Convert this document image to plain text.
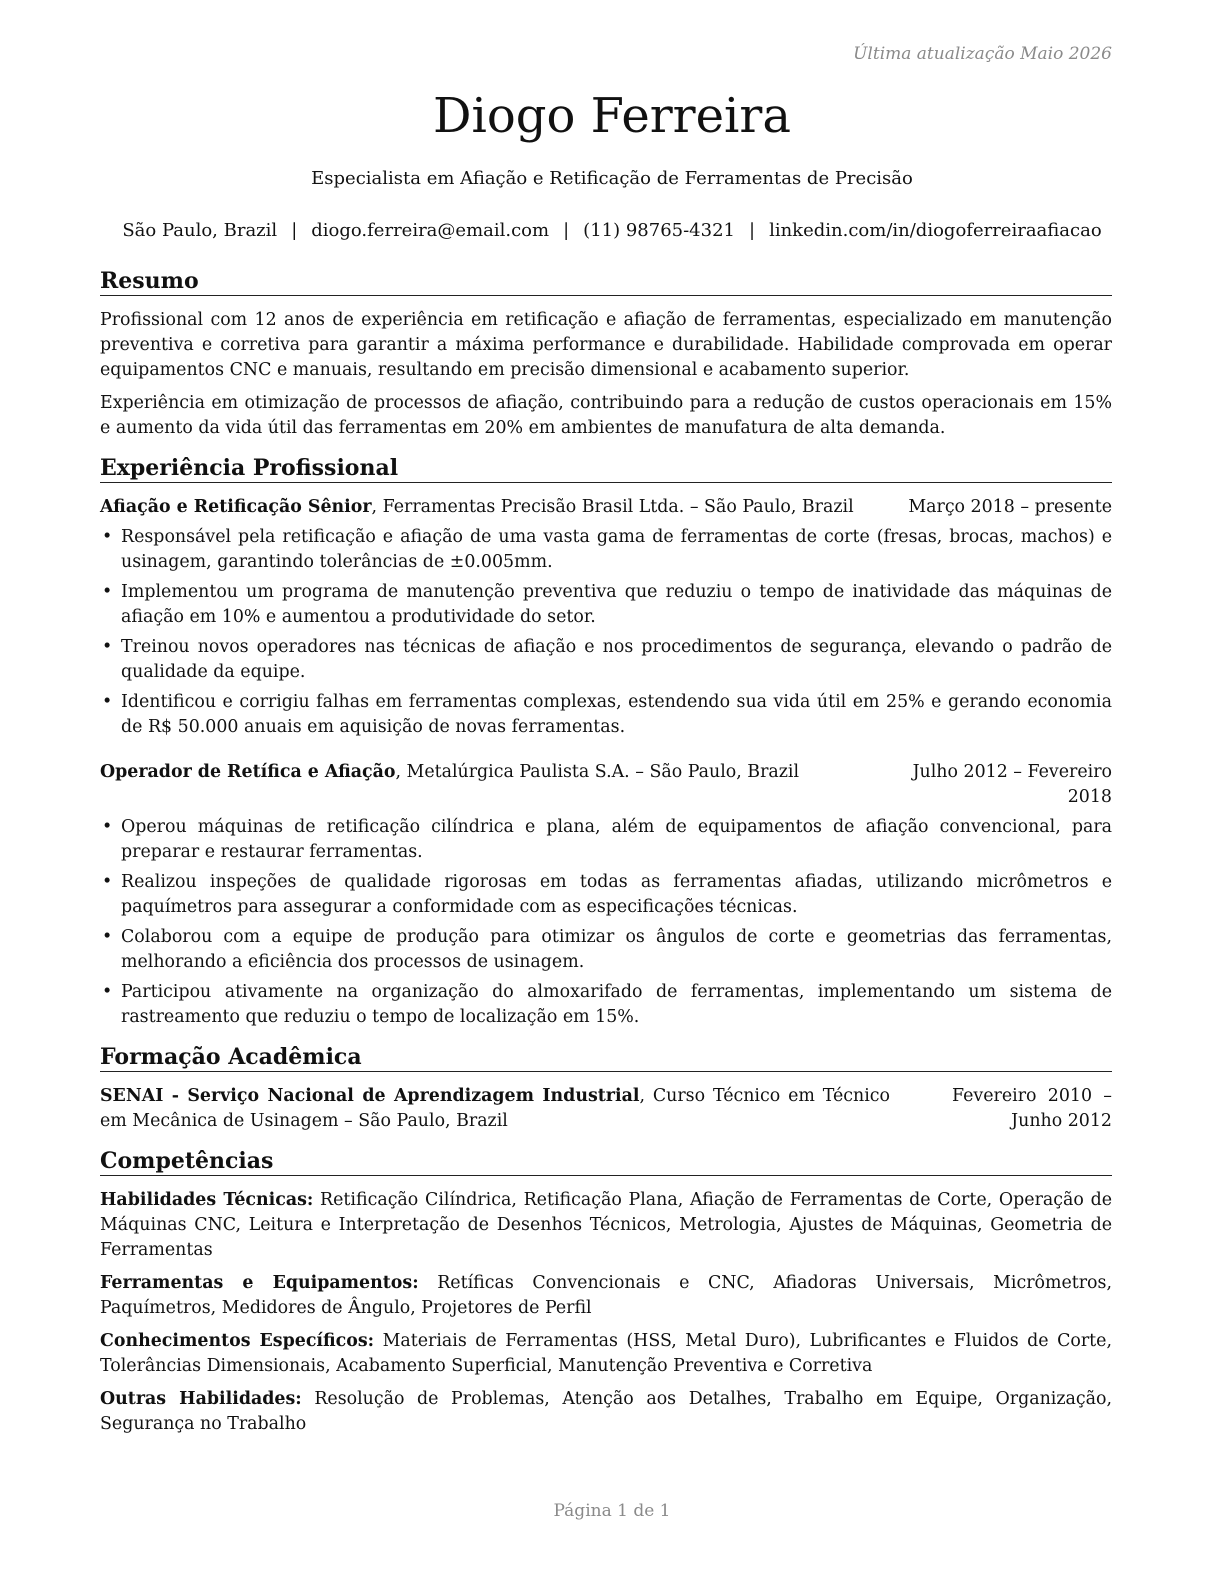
Última atualização Maio 2026
Diogo Ferreira
Especialista em Afiação e Retificação de Ferramentas de Precisão
São Paulo, Brazil | diogo.ferreira@email.com | (11) 98765-4321 | linkedin.com/in/diogoferreiraafiacao
Resumo

Profissional com 12 anos de experiência em retificação e afiação de ferramentas, especializado em manutenção preventiva e corretiva para garantir a máxima performance e durabilidade. Habilidade comprovada em operar equipamentos CNC e manuais, resultando em precisão dimensional e acabamento superior.

Experiência em otimização de processos de afiação, contribuindo para a redução de custos operacionais em 15% e aumento da vida útil das ferramentas em 20% em ambientes de manufatura de alta demanda.

Experiência Profissional
Afiação e Retificação Sênior, Ferramentas Precisão Brasil Ltda. – São Paulo, Brazil	Março 2018 – presente
• Responsável pela retificação e afiação de uma vasta gama de ferramentas de corte (fresas, brocas, machos) e usinagem, garantindo tolerâncias de ±0.005mm.
• Implementou um programa de manutenção preventiva que reduziu o tempo de inatividade das máquinas de afiação em 10% e aumentou a produtividade do setor.
• Treinou novos operadores nas técnicas de afiação e nos procedimentos de segurança, elevando o padrão de qualidade da equipe.
• Identificou e corrigiu falhas em ferramentas complexas, estendendo sua vida útil em 25% e gerando economia de R$ 50.000 anuais em aquisição de novas ferramentas.
Operador de Retífica e Afiação, Metalúrgica Paulista S.A. – São Paulo, Brazil	Julho 2012 – Fevereiro 2018
• Operou máquinas de retificação cilíndrica e plana, além de equipamentos de afiação convencional, para preparar e restaurar ferramentas.
• Realizou inspeções de qualidade rigorosas em todas as ferramentas afiadas, utilizando micrômetros e paquímetros para assegurar a conformidade com as especificações técnicas.
• Colaborou com a equipe de produção para otimizar os ângulos de corte e geometrias das ferramentas, melhorando a eficiência dos processos de usinagem.
• Participou ativamente na organização do almoxarifado de ferramentas, implementando um sistema de rastreamento que reduziu o tempo de localização em 15%.
Formação Acadêmica
SENAI - Serviço Nacional de Aprendizagem Industrial, Curso Técnico em Técnico em Mecânica de Usinagem – São Paulo, Brazil
Fevereiro 2010 – Junho 2012
Competências

Habilidades Técnicas: Retificação Cilíndrica, Retificação Plana, Afiação de Ferramentas de Corte, Operação de Máquinas CNC, Leitura e Interpretação de Desenhos Técnicos, Metrologia, Ajustes de Máquinas, Geometria de Ferramentas

Ferramentas e Equipamentos: Retíficas Convencionais e CNC, Afiadoras Universais, Micrômetros, Paquímetros, Medidores de Ângulo, Projetores de Perfil

Conhecimentos Específicos: Materiais de Ferramentas (HSS, Metal Duro), Lubrificantes e Fluidos de Corte, Tolerâncias Dimensionais, Acabamento Superficial, Manutenção Preventiva e Corretiva

Outras Habilidades: Resolução de Problemas, Atenção aos Detalhes, Trabalho em Equipe, Organização, Segurança no Trabalho

Página 1 de 1
